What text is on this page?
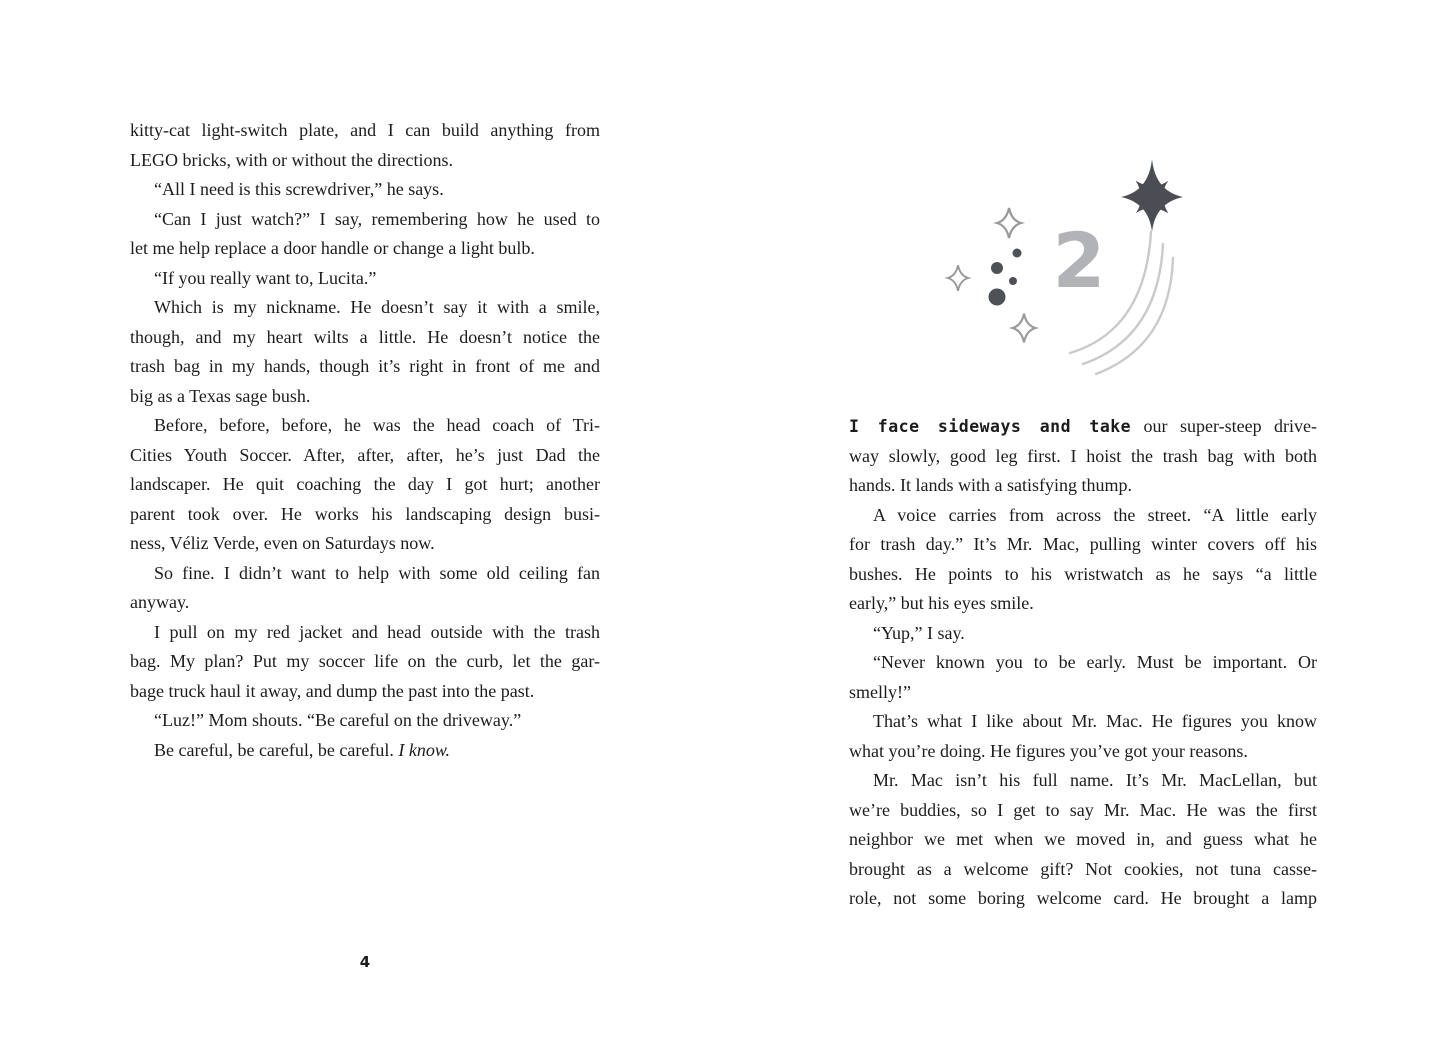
kitty-cat light-switch plate, and I can build anything from
LEGO bricks, with or without the directions.
“All I need is this screwdriver,” he says.
“Can I just watch?” I say, remembering how he used to
let me help replace a door handle or change a light bulb.
“If you really want to, Lucita.”
Which is my nickname. He doesn’t say it with a smile,
though, and my heart wilts a little. He doesn’t notice the
trash bag in my hands, though it’s right in front of me and
big as a Texas sage bush.
Before, before, before, he was the head coach of Tri-
Cities Youth Soccer. After, after, after, he’s just Dad the
landscaper. He quit coaching the day I got hurt; another
parent took over. He works his landscaping design busi-
ness, Véliz Verde, even on Saturdays now.
So fine. I didn’t want to help with some old ceiling fan
anyway.
I pull on my red jacket and head outside with the trash
bag. My plan? Put my soccer life on the curb, let the gar-
bage truck haul it away, and dump the past into the past.
“Luz!” Mom shouts. “Be careful on the driveway.”
Be careful, be careful, be careful. I know.
4
2
I face sideways and take our super-steep drive-
way slowly, good leg first. I hoist the trash bag with both
hands. It lands with a satisfying thump.
A voice carries from across the street. “A little early
for trash day.” It’s Mr. Mac, pulling winter covers off his
bushes. He points to his wristwatch as he says “a little
early,” but his eyes smile.
“Yup,” I say.
“Never known you to be early. Must be important. Or
smelly!”
That’s what I like about Mr. Mac. He figures you know
what you’re doing. He figures you’ve got your reasons.
Mr. Mac isn’t his full name. It’s Mr. MacLellan, but
we’re buddies, so I get to say Mr. Mac. He was the first
neighbor we met when we moved in, and guess what he
brought as a welcome gift? Not cookies, not tuna casse-
role, not some boring welcome card. He brought a lamp
